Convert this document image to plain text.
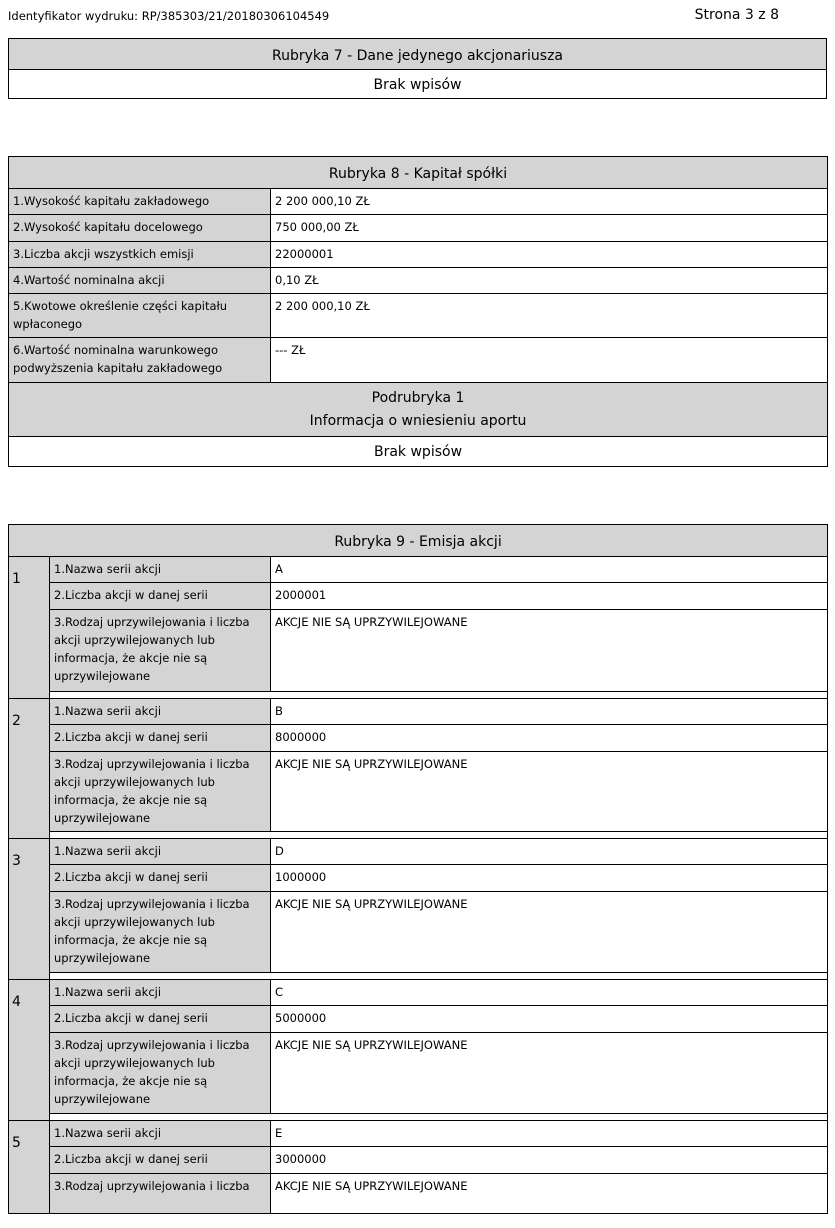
Identyfikator wydruku: RP/385303/21/20180306104549	Strona 3 z 8
Rubryka 7 - Dane jedynego akcjonariusza

Brak wpisów
Rubryka 8 - Kapitał spółki	

1.Wysokość kapitału zakładowego	2 200 000,10 ZŁ

2.Wysokość kapitału docelowego	750 000,00 ZŁ

3.Liczba akcji wszystkich emisji	22000001

4.Wartość nominalna akcji	0,10 ZŁ

5.Kwotowe określenie części kapitału wpłaconego	2 200 000,10 ZŁ

6.Wartość nominalna warunkowego podwyższenia kapitału zakładowego	--- ZŁ

Podrubryka 1
Informacja o wniesieniu aportu	

Brak wpisów	
Rubryka 9 - Emisja akcji		

1	1.Nazwa serii akcji	A

	2.Liczba akcji w danej serii	2000001

	3.Rodzaj uprzywilejowania i liczba akcji uprzywilejowanych lub informacja, że akcje nie są uprzywilejowane	AKCJE NIE SĄ UPRZYWILEJOWANE

2	1.Nazwa serii akcji	B

	2.Liczba akcji w danej serii	8000000

	3.Rodzaj uprzywilejowania i liczba akcji uprzywilejowanych lub informacja, że akcje nie są uprzywilejowane	AKCJE NIE SĄ UPRZYWILEJOWANE

3	1.Nazwa serii akcji	D

	2.Liczba akcji w danej serii	1000000

	3.Rodzaj uprzywilejowania i liczba akcji uprzywilejowanych lub informacja, że akcje nie są uprzywilejowane	AKCJE NIE SĄ UPRZYWILEJOWANE

4	1.Nazwa serii akcji	C

	2.Liczba akcji w danej serii	5000000

	3.Rodzaj uprzywilejowania i liczba akcji uprzywilejowanych lub informacja, że akcje nie są uprzywilejowane	AKCJE NIE SĄ UPRZYWILEJOWANE

5	1.Nazwa serii akcji	E

	2.Liczba akcji w danej serii	3000000

	3.Rodzaj uprzywilejowania i liczba	AKCJE NIE SĄ UPRZYWILEJOWANE
